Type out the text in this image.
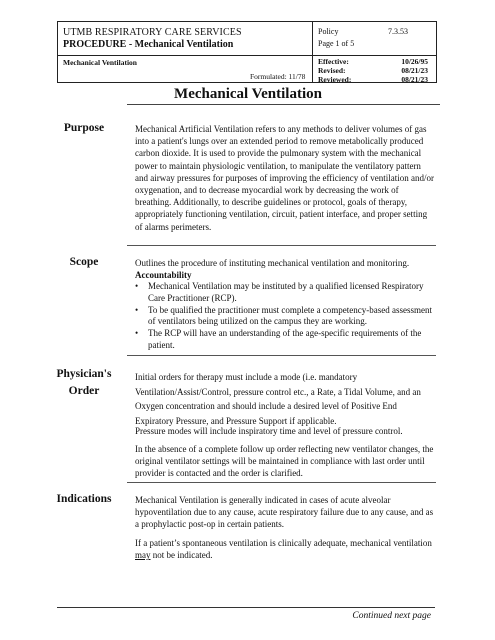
UTMB RESPIRATORY CARE SERVICES
PROCEDURE - Mechanical Ventilation
Policy	7.3.53
Page 1 of 5
Mechanical Ventilation
Formulated: 11/78
Effective:	10/26/95
Revised:	08/21/23
Reviewed:	08/21/23
Mechanical Ventilation
Purpose	Mechanical Artificial Ventilation refers to any methods to deliver volumes of gas into a patient's lungs over an extended period to remove metabolically produced carbon dioxide. It is used to provide the pulmonary system with the mechanical power to maintain physiologic ventilation, to manipulate the ventilatory pattern and airway pressures for purposes of improving the efficiency of ventilation and/or oxygenation, and to decrease myocardial work by decreasing the work of breathing. Additionally, to describe guidelines or protocol, goals of therapy, appropriately functioning ventilation, circuit, patient interface, and proper setting of alarms perimeters.

Scope	Outlines the procedure of instituting mechanical ventilation and monitoring.

Accountability

• Mechanical Ventilation may be instituted by a qualified licensed Respiratory Care Practitioner (RCP).
• To be qualified the practitioner must complete a competency-based assessment of ventilators being utilized on the campus they are working.
• The RCP will have an understanding of the age-specific requirements of the patient.
Physician's
Order

Initial orders for therapy must include a mode (i.e. mandatory Ventilation/Assist/Control, pressure control etc., a Rate, a Tidal Volume, and an Oxygen concentration and should include a desired level of Positive End Expiratory Pressure, and Pressure Support if applicable.

Pressure modes will include inspiratory time and level of pressure control.

In the absence of a complete follow up order reflecting new ventilator changes, the original ventilator settings will be maintained in compliance with last order until provider is contacted and the order is clarified.

Indications	Mechanical Ventilation is generally indicated in cases of acute alveolar hypoventilation due to any cause, acute respiratory failure due to any cause, and as a prophylactic post-op in certain patients.

If a patient’s spontaneous ventilation is clinically adequate, mechanical ventilation may not be indicated.

Continued next page
